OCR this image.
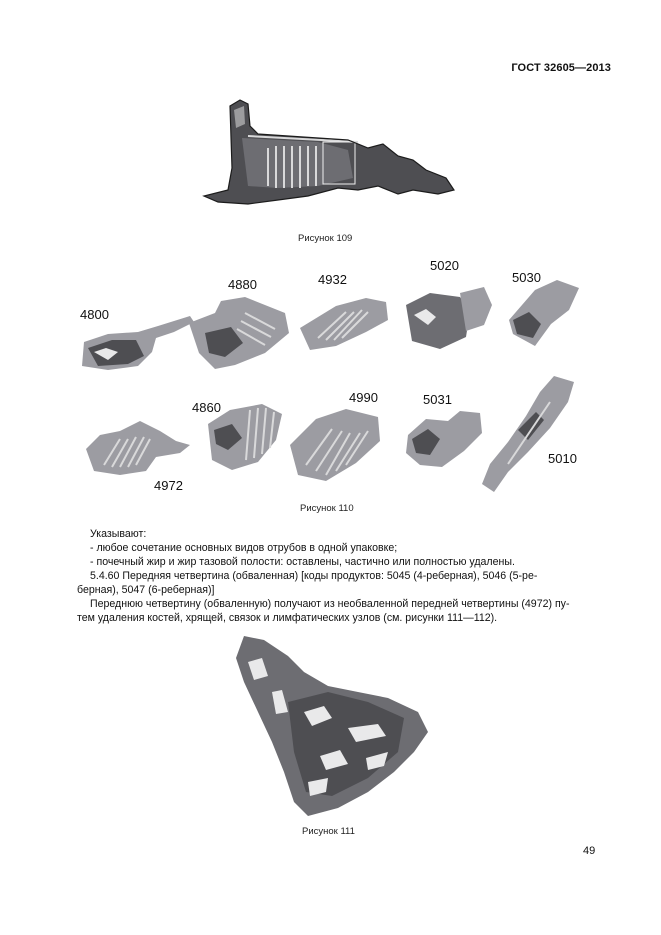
ГОСТ 32605—2013
Рисунок 109
4800
4880	4932
5020
5030
4860
4990	5031
4972
5010
Рисунок 110
Указывают:
- любое сочетание основных видов отрубов в одной упаковке;
- почечный жир и жир тазовой полости: оставлены, частично или полностью удалены.
5.4.60 Передняя четвертина (обваленная) [коды продуктов: 5045 (4-реберная), 5046 (5-ре-
берная), 5047 (6-реберная)]
Переднюю четвертину (обваленную) получают из необваленной передней четвертины (4972) пу-
тем удаления костей, хрящей, связок и лимфатических узлов (см. рисунки 111—112).
Рисунок 111
49
